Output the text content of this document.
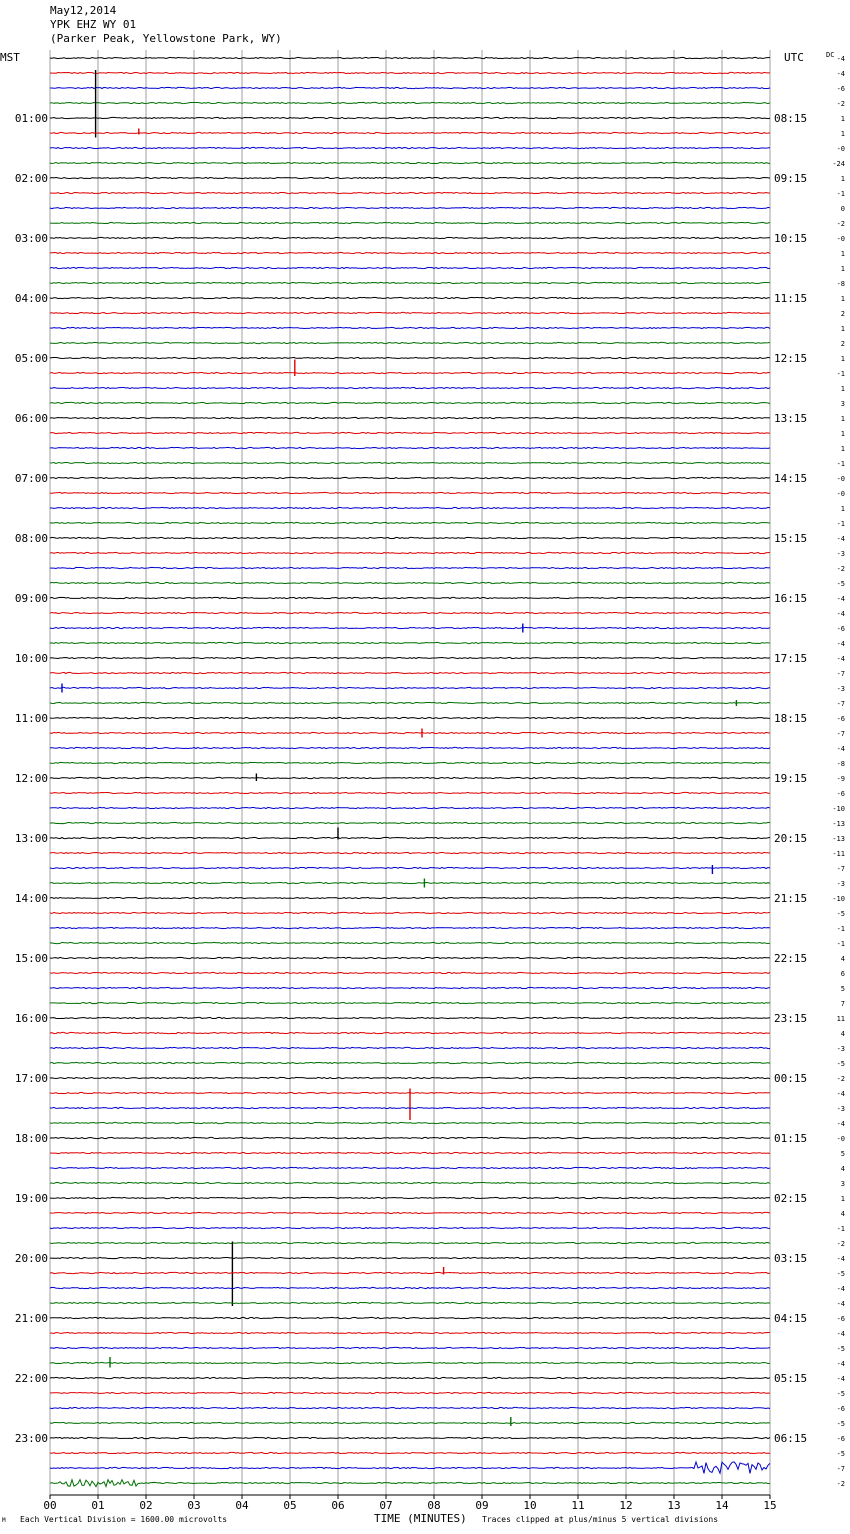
May12,2014
YPK EHZ WY 01
(Parker Peak, Yellowstone Park, WY)
MST	UTC	DC
01:00
02:00
03:00
04:00
05:00
06:00
07:00
08:00
09:00
10:00
11:00
12:00
13:00
14:00
15:00
16:00
17:00
18:00
19:00
20:00
21:00
22:00
23:00
08:15
09:15
10:15
11:15
12:15
13:15
14:15
15:15
16:15
17:15
18:15
19:15
20:15
21:15
22:15
23:15
00:15
01:15
02:15
03:15
04:15
05:15
06:15
-4
-4
-6
-2
1
1
-0
-24
1
-1
0
-2
-0
1
1
-8
1
2
1
2
1
-1
1
3
1
1
1
-1
-0
-0
1
-1
-4
-3
-2
-5
-4
-4
-6
-4
-4
-7
-3
-7
-6
-7
-4
-8
-9
-6
-10
-13
-13
-11
-7
-3
-10
-5
-1
-1
4
6
5
7
11
4
-3
-5
-2
-4
-3
-4
-0
5
4
3
1
4
-1
-2
-4
-5
-4
-4
-6
-4
-5
-4
-4
-5
-6
-5
-6
-5
-7
-2
00	01	02	03	04	05	06	07	08	09	10	11	12	13	14	15
M Each Vertical Division = 1600.00 microvolts	TIME (MINUTES) Traces clipped at plus/minus 5 vertical divisions
